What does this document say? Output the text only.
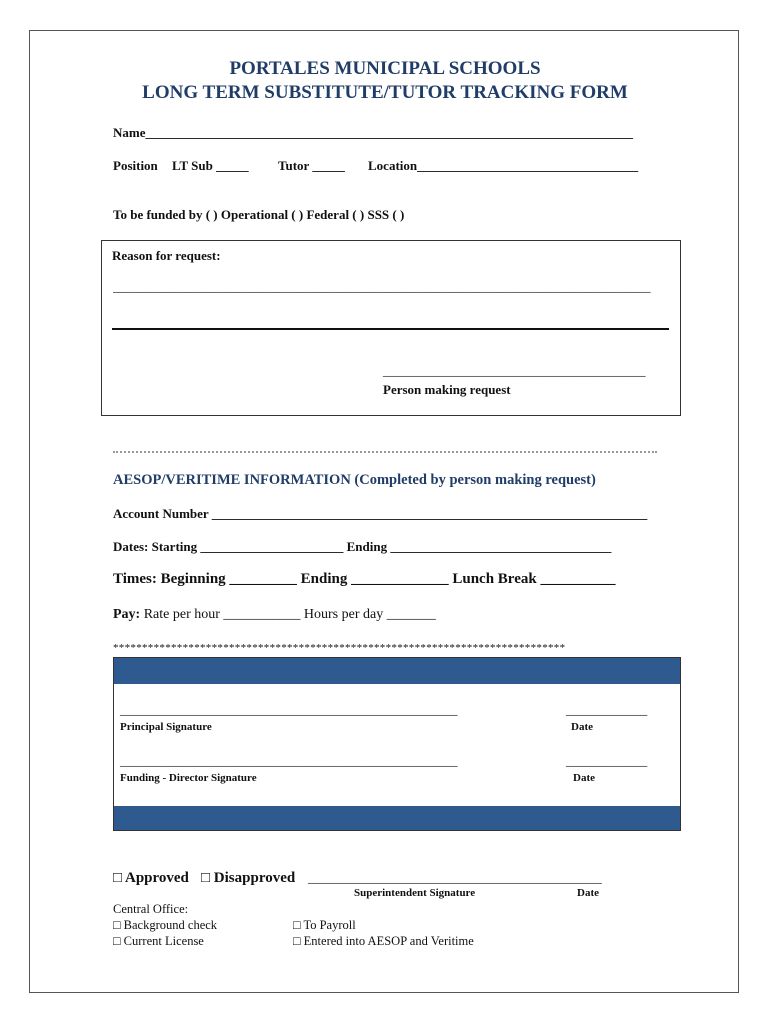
PORTALES MUNICIPAL SCHOOLS
LONG TERM SUBSTITUTE/TUTOR TRACKING FORM
Name___________________________________________________________________________
Position LT Sub _____ Tutor _____ Location__________________________________
To be funded by ( ) Operational ( ) Federal ( ) SSS ( )
Reason for request:
______________________________________________________________________________________
__________________________________________
Person making request
AESOP/VERITIME INFORMATION (Completed by person making request)
Account Number ___________________________________________________________________
Dates: Starting ______________________ Ending __________________________________
Times: Beginning _________ Ending _____________ Lunch Break __________
Pay: Rate per hour ___________ Hours per day _______
******************************************************************************
______________________________________________________	_____________
Principal Signature	Date
______________________________________________________	_____________
Funding - Director Signature	Date
□ Approved □ Disapproved _______________________________________________
Superintendent Signature	Date
Central Office:
□ Background check	□ To Payroll
□ Current License	□ Entered into AESOP and Veritime
